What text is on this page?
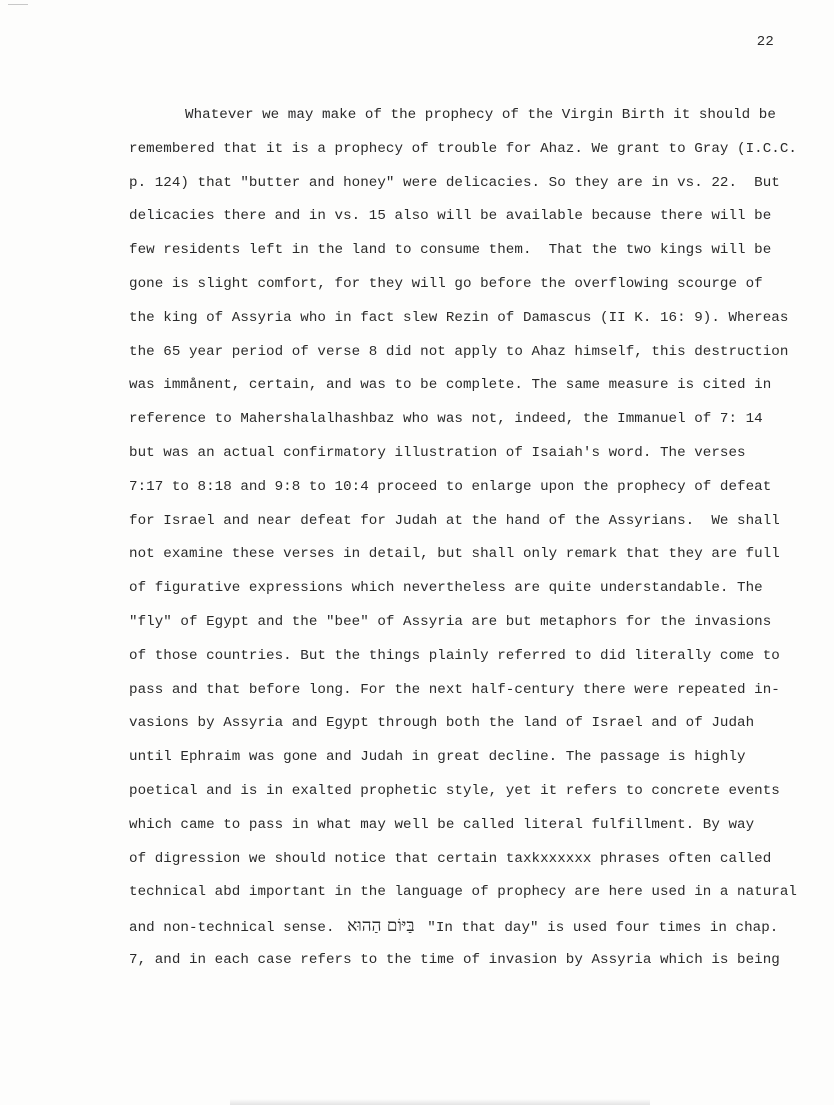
22
Whatever we may make of the prophecy of the Virgin Birth it should be
remembered that it is a prophecy of trouble for Ahaz. We grant to Gray (I.C.C.
p. 124) that "butter and honey" were delicacies. So they are in vs. 22.  But
delicacies there and in vs. 15 also will be available because there will be
few residents left in the land to consume them.  That the two kings will be
gone is slight comfort, for they will go before the overflowing scourge of
the king of Assyria who in fact slew Rezin of Damascus (II K. 16: 9). Whereas
the 65 year period of verse 8 did not apply to Ahaz himself, this destruction
was immånent, certain, and was to be complete. The same measure is cited in
reference to Mahershalalhashbaz who was not, indeed, the Immanuel of 7: 14
but was an actual confirmatory illustration of Isaiah's word. The verses
7:17 to 8:18 and 9:8 to 10:4 proceed to enlarge upon the prophecy of defeat
for Israel and near defeat for Judah at the hand of the Assyrians.  We shall
not examine these verses in detail, but shall only remark that they are full
of figurative expressions which nevertheless are quite understandable. The
"fly" of Egypt and the "bee" of Assyria are but metaphors for the invasions
of those countries. But the things plainly referred to did literally come to
pass and that before long. For the next half-century there were repeated in-
vasions by Assyria and Egypt through both the land of Israel and of Judah
until Ephraim was gone and Judah in great decline. The passage is highly
poetical and is in exalted prophetic style, yet it refers to concrete events
which came to pass in what may well be called literal fulfillment. By way
of digression we should notice that certain taxkxxxxxx phrases often called
technical abd important in the language of prophecy are here used in a natural
and non-technical sense. בַּיּוֹם הַהוּא "In that day" is used four times in chap.
7, and in each case refers to the time of invasion by Assyria which is being
